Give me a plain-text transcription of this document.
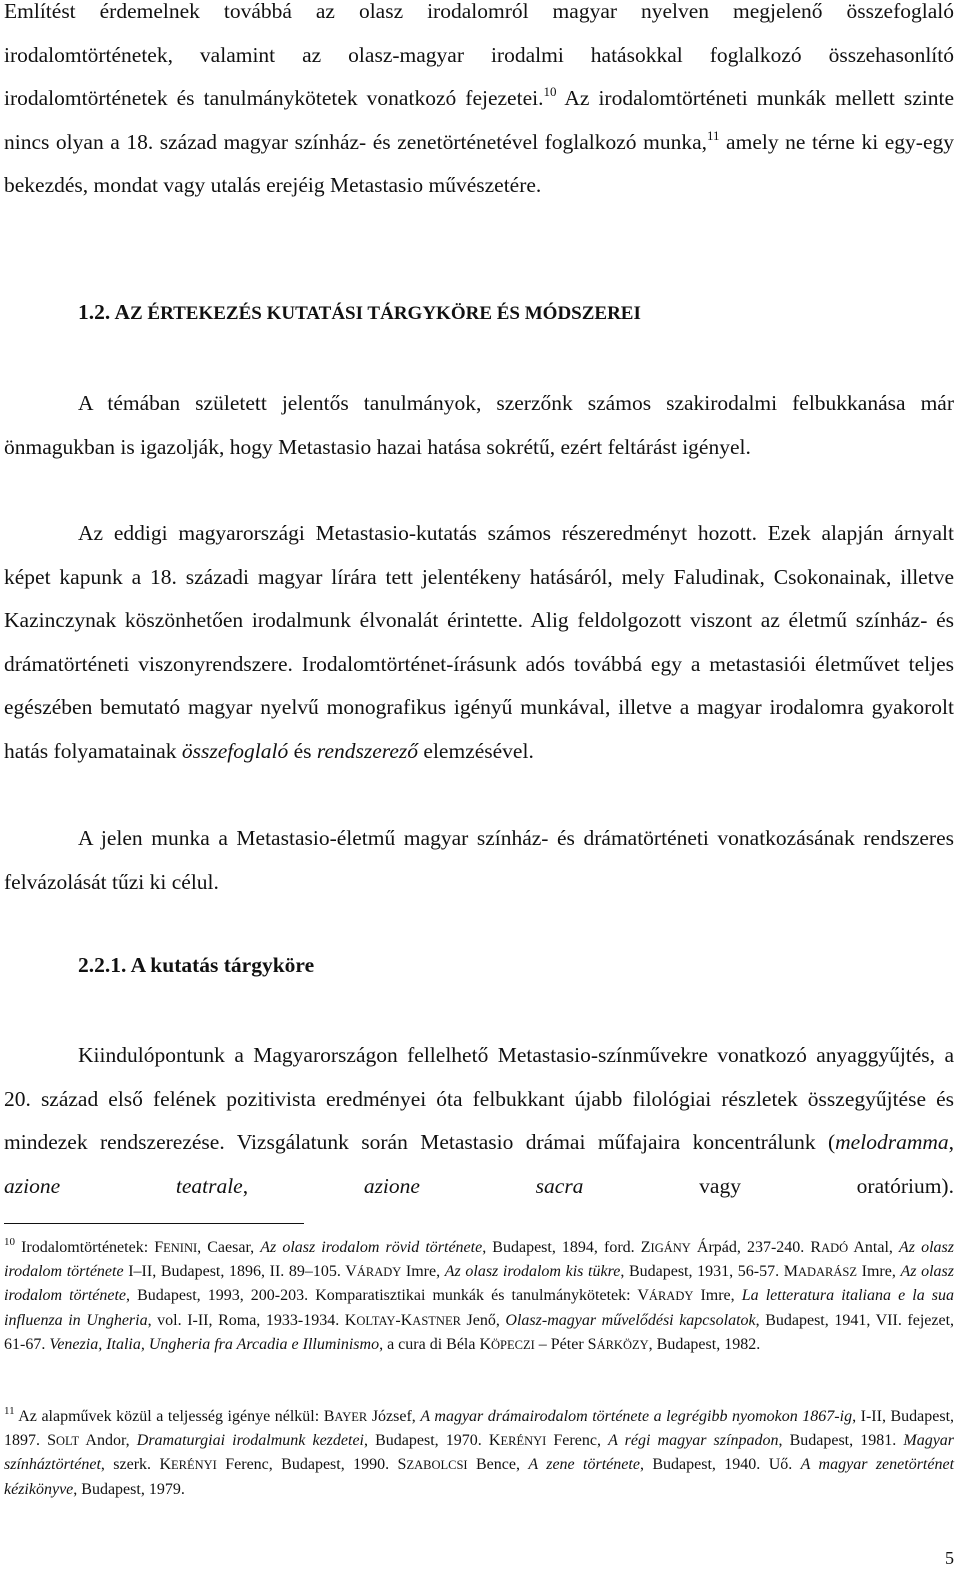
Említést érdemelnek továbbá az olasz irodalomról magyar nyelven megjelenő összefoglaló irodalomtörténetek, valamint az olasz-magyar irodalmi hatásokkal foglalkozó összehasonlító irodalomtörténetek és tanulmánykötetek vonatkozó fejezetei.$^{10}$ Az irodalomtörténeti munkák mellett szinte nincs olyan a 18. század magyar színház- és zenetörténetével foglalkozó munka,$^{11}$ amely ne térne ki egy-egy bekezdés, mondat vagy utalás erejéig Metastasio művészetére.

1.2. AZ ÉRTEKEZÉS KUTATÁSI TÁRGYKÖRE ÉS MÓDSZEREI

A témában született jelentős tanulmányok, szerzőnk számos szakirodalmi felbukkanása már önmagukban is igazolják, hogy Metastasio hazai hatása sokrétű, ezért feltárást igényel.

Az eddigi magyarországi Metastasio-kutatás számos részeredményt hozott. Ezek alapján árnyalt képet kapunk a 18. századi magyar lírára tett jelentékeny hatásáról, mely Faludinak, Csokonainak, illetve Kazinczynak köszönhetően irodalmunk élvonalát érintette. Alig feldolgozott viszont az életmű színház- és drámatörténeti viszonyrendszere. Irodalomtörténet-írásunk adós továbbá egy a metastasiói életművet teljes egészében bemutató magyar nyelvű monografikus igényű munkával, illetve a magyar irodalomra gyakorolt hatás folyamatainak összefoglaló és rendszerező elemzésével.

A jelen munka a Metastasio-életmű magyar színház- és drámatörténeti vonatkozásának rendszeres felvázolását tűzi ki célul.

2.2.1. A kutatás tárgyköre

Kiindulópontunk a Magyarországon fellelhető Metastasio-színművekre vonatkozó anyaggyűjtés, a 20. század első felének pozitivista eredményei óta felbukkant újabb filológiai részletek összegyűjtése és mindezek rendszerezése. Vizsgálatunk során Metastasio drámai műfajaira koncentrálunk (melodramma, azione teatrale, azione sacra vagy oratórium).

$^{10}$ Irodalomtörténetek: FENINI, Caesar, Az olasz irodalom rövid története, Budapest, 1894, ford. ZIGÁNY Árpád, 237-240. RADÓ Antal, Az olasz irodalom története I–II, Budapest, 1896, II. 89–105. VÁRADY Imre, Az olasz irodalom kis tükre, Budapest, 1931, 56-57. MADARÁSZ Imre, Az olasz irodalom története, Budapest, 1993, 200-203. Komparatisztikai munkák és tanulmánykötetek: VÁRADY Imre, La letteratura italiana e la sua influenza in Ungheria, vol. I-II, Roma, 1933-1934. KOLTAY-KASTNER Jenő, Olasz-magyar művelődési kapcsolatok, Budapest, 1941, VII. fejezet, 61-67. Venezia, Italia, Ungheria fra Arcadia e Illuminismo, a cura di Béla KÖPECZI – Péter SÁRKÖZY, Budapest, 1982.

$^{11}$ Az alapművek közül a teljesség igénye nélkül: BAYER József, A magyar drámairodalom története a legrégibb nyomokon 1867-ig, I-II, Budapest, 1897. SOLT Andor, Dramaturgiai irodalmunk kezdetei, Budapest, 1970. KERÉNYI Ferenc, A régi magyar színpadon, Budapest, 1981. Magyar színháztörténet, szerk. KERÉNYI Ferenc, Budapest, 1990. SZABOLCSI Bence, A zene története, Budapest, 1940. Uő. A magyar zenetörténet kézikönyve, Budapest, 1979.

5
